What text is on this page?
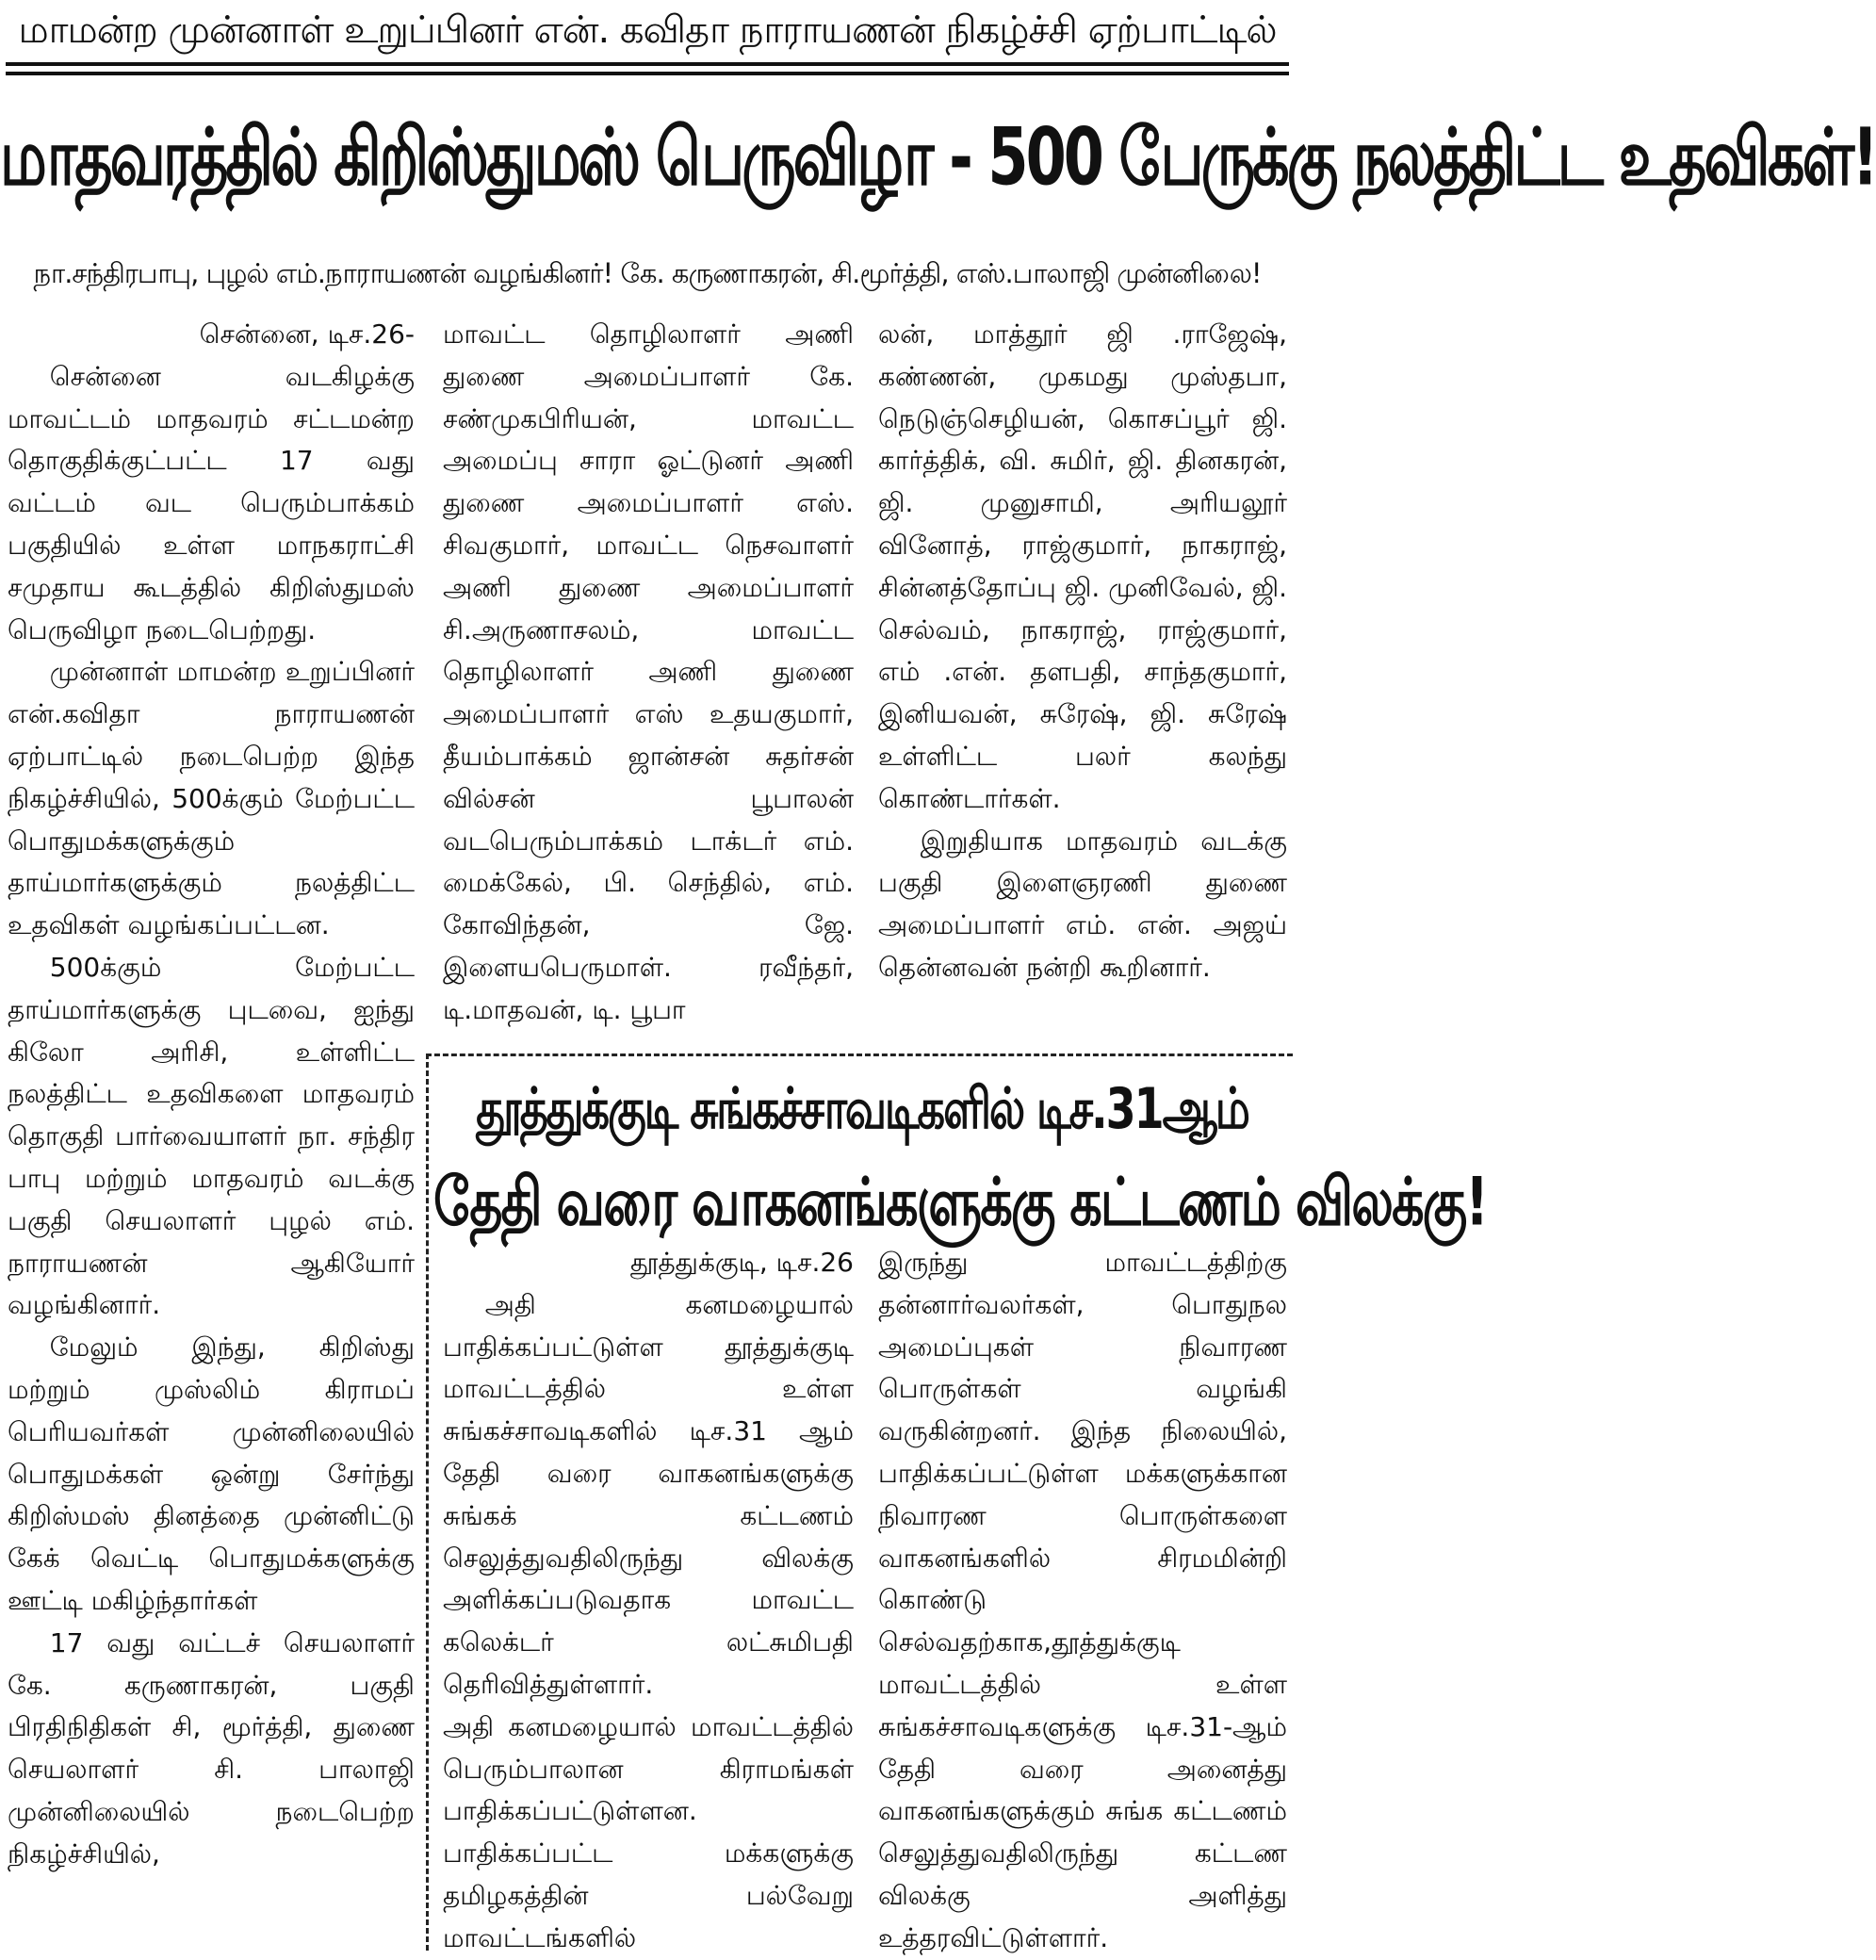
மாமன்ற முன்னாள் உறுப்பினர் என். கவிதா நாராயணன் நிகழ்ச்சி ஏற்பாட்டில்
மாதவரத்தில் கிறிஸ்துமஸ் பெருவிழா - 500 பேருக்கு நலத்திட்ட உதவிகள்!
நா.சந்திரபாபு, புழல் எம்.நாராயணன் வழங்கினர்! கே. கருணாகரன், சி.மூர்த்தி, எஸ்.பாலாஜி முன்னிலை!

சென்னை, டிச.26-

சென்னை வடகிழக்கு மாவட்டம் மாதவரம் சட்டமன்ற தொகுதிக்குட்பட்ட 17 வது வட்டம் வட பெரும்பாக்கம் பகுதியில் உள்ள மாநகராட்சி சமுதாய கூடத்தில் கிறிஸ்துமஸ் பெருவிழா நடைபெற்றது.

முன்னாள் மாமன்ற உறுப்பினர் என்.கவிதா நாராயணன் ஏற்பாட்டில் நடைபெற்ற இந்த நிகழ்ச்சியில், 500க்கும் மேற்பட்ட பொதுமக்களுக்கும் தாய்மார்களுக்கும் நலத்திட்ட உதவிகள் வழங்கப்பட்டன.

500க்கும் மேற்பட்ட தாய்மார்களுக்கு புடவை, ஐந்து கிலோ அரிசி, உள்ளிட்ட நலத்திட்ட உதவிகளை மாதவரம் தொகுதி பார்வையாளர் நா. சந்திர பாபு மற்றும் மாதவரம் வடக்கு பகுதி செயலாளர் புழல் எம். நாராயணன் ஆகியோர் வழங்கினார்.

மேலும் இந்து, கிறிஸ்து மற்றும் முஸ்லிம் கிராமப் பெரியவர்கள் முன்னிலையில் பொதுமக்கள் ஒன்று சேர்ந்து கிறிஸ்மஸ் தினத்தை முன்னிட்டு கேக் வெட்டி பொதுமக்களுக்கு ஊட்டி மகிழ்ந்தார்கள்

17 வது வட்டச் செயலாளர் கே. கருணாகரன், பகுதி பிரதிநிதிகள் சி, மூர்த்தி, துணை செயலாளர் சி. பாலாஜி முன்னிலையில் நடைபெற்ற நிகழ்ச்சியில்,

மாவட்ட தொழிலாளர் அணி துணை அமைப்பாளர் கே. சண்முகபிரியன், மாவட்ட அமைப்பு சாரா ஓட்டுனர் அணி துணை அமைப்பாளர் எஸ். சிவகுமார், மாவட்ட நெசவாளர் அணி துணை அமைப்பாளர் சி.அருணாசலம், மாவட்ட தொழிலாளர் அணி துணை அமைப்பாளர் எஸ் உதயகுமார், தீயம்பாக்கம் ஜான்சன் சுதர்சன் வில்சன் பூபாலன் வடபெரும்பாக்கம் டாக்டர் எம். மைக்கேல், பி. செந்தில், எம். கோவிந்தன், ஜே. இளையபெருமாள். ரவீந்தர், டி.மாதவன், டி. பூபா

லன், மாத்தூர் ஜி .ராஜேஷ், கண்ணன், முகமது முஸ்தபா, நெடுஞ்செழியன், கொசப்பூர் ஜி. கார்த்திக், வி. சுமிர், ஜி. தினகரன், ஜி. முனுசாமி, அரியலூர் வினோத், ராஜ்குமார், நாகராஜ், சின்னத்தோப்பு ஜி. முனிவேல், ஜி. செல்வம், நாகராஜ், ராஜ்குமார், எம் .என். தளபதி, சாந்தகுமார், இனியவன், சுரேஷ், ஜி. சுரேஷ் உள்ளிட்ட பலர் கலந்து கொண்டார்கள்.

இறுதியாக மாதவரம் வடக்கு பகுதி இளைஞரணி துணை அமைப்பாளர் எம். என். அஜய் தென்னவன் நன்றி கூறினார்.

தூத்துக்குடி சுங்கச்சாவடிகளில் டிச.31ஆம்
தேதி வரை வாகனங்களுக்கு கட்டணம் விலக்கு!

தூத்துக்குடி, டிச.26

அதி கனமழையால் பாதிக்கப்பட்டுள்ள தூத்துக்குடி மாவட்டத்தில் உள்ள சுங்கச்சாவடிகளில் டிச.31 ஆம் தேதி வரை வாகனங்களுக்கு சுங்கக் கட்டணம் செலுத்துவதிலிருந்து விலக்கு அளிக்கப்படுவதாக மாவட்ட கலெக்டர் லட்சுமிபதி தெரிவித்துள்ளார்.

அதி கனமழையால் மாவட்டத்தில் பெரும்பாலான கிராமங்கள் பாதிக்கப்பட்டுள்ளன. பாதிக்கப்பட்ட மக்களுக்கு தமிழகத்தின் பல்வேறு மாவட்டங்களில்

இருந்து மாவட்டத்திற்கு தன்னார்வலர்கள், பொதுநல அமைப்புகள் நிவாரண பொருள்கள் வழங்கி வருகின்றனர். இந்த நிலையில், பாதிக்கப்பட்டுள்ள மக்களுக்கான நிவாரண பொருள்களை வாகனங்களில் சிரமமின்றி கொண்டு செல்வதற்காக,தூத்துக்குடி மாவட்டத்தில் உள்ள சுங்கச்சாவடிகளுக்கு டிச.31-ஆம் தேதி வரை அனைத்து வாகனங்களுக்கும் சுங்க கட்டணம் செலுத்துவதிலிருந்து கட்டண விலக்கு அளித்து உத்தரவிட்டுள்ளார்.
